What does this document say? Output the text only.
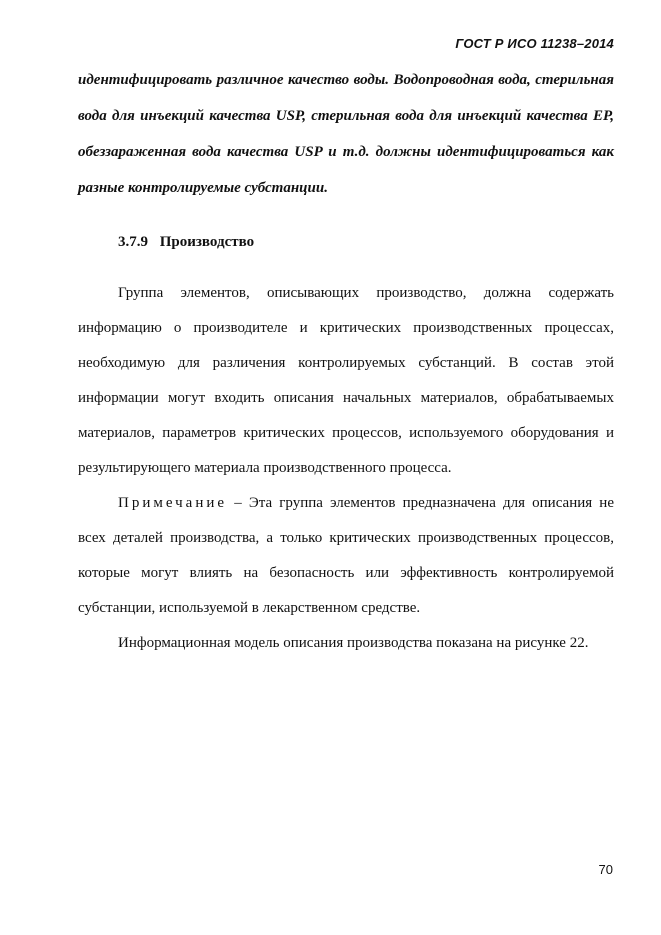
ГОСТ Р ИСО 11238–2014

идентифицировать различное качество воды. Водопроводная вода, стерильная вода для инъекций качества USP, стерильная вода для инъекций качества EP, обеззараженная вода качества USP и т.д. должны идентифицироваться как разные контролируемые субстанции.

3.7.9 Производство

Группа элементов, описывающих производство, должна содержать информацию о производителе и критических производственных процессах, необходимую для различения контролируемых субстанций. В состав этой информации могут входить описания начальных материалов, обрабатываемых материалов, параметров критических процессов, используемого оборудования и результирующего материала производственного процесса.

Примечание – Эта группа элементов предназначена для описания не всех деталей производства, а только критических производственных процессов, которые могут влиять на безопасность или эффективность контролируемой субстанции, используемой в лекарственном средстве.

Информационная модель описания производства показана на рисунке 22.

70
